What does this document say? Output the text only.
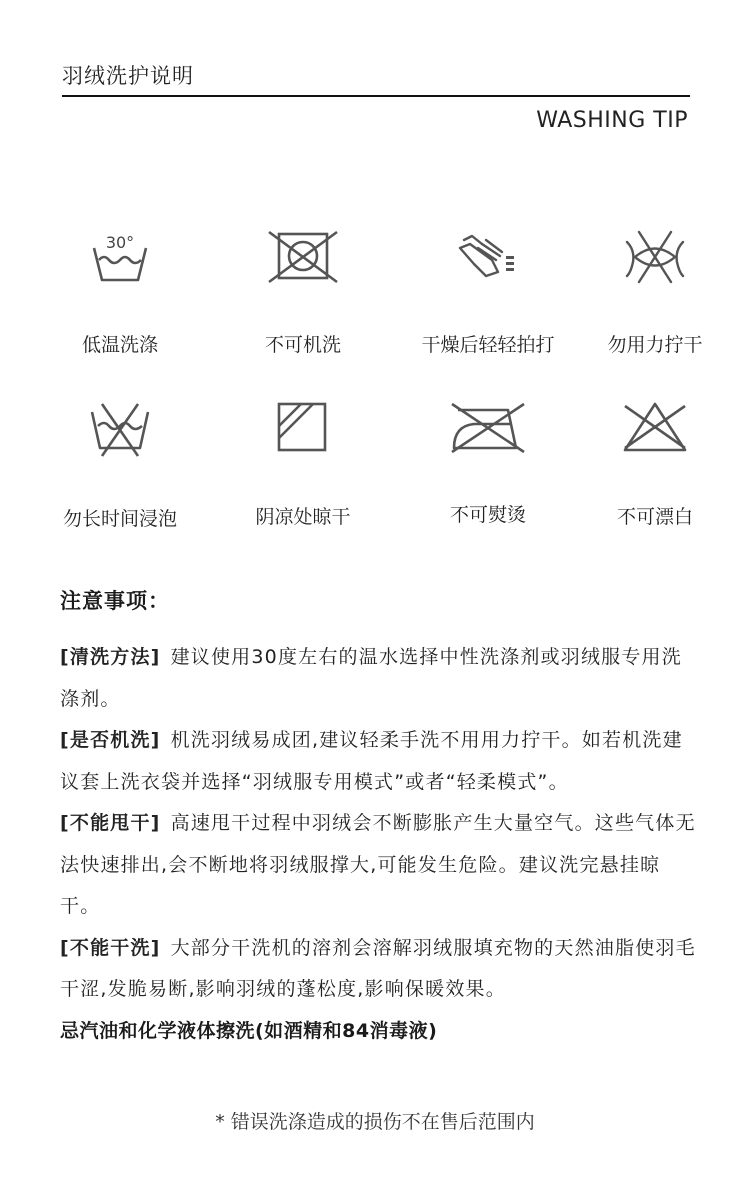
羽绒洗护说明
WASHING TIP
30°
低温洗涤	不可机洗	干燥后轻轻拍打	勿用力拧干
勿长时间浸泡	阴凉处晾干	不可熨烫	不可漂白
注意事项：
[清洗方法] 建议使用30度左右的温水选择中性洗涤剂或羽绒服专用洗涤剂。
[是否机洗] 机洗羽绒易成团,建议轻柔手洗不用用力拧干。如若机洗建议套上洗衣袋并选择“羽绒服专用模式”或者“轻柔模式”。
[不能甩干] 高速甩干过程中羽绒会不断膨胀产生大量空气。这些气体无法快速排出,会不断地将羽绒服撑大,可能发生危险。建议洗完悬挂晾干。
[不能干洗] 大部分干洗机的溶剂会溶解羽绒服填充物的天然油脂使羽毛干涩,发脆易断,影响羽绒的蓬松度,影响保暖效果。
忌汽油和化学液体擦洗(如酒精和84消毒液)
* 错误洗涤造成的损伤不在售后范围内
